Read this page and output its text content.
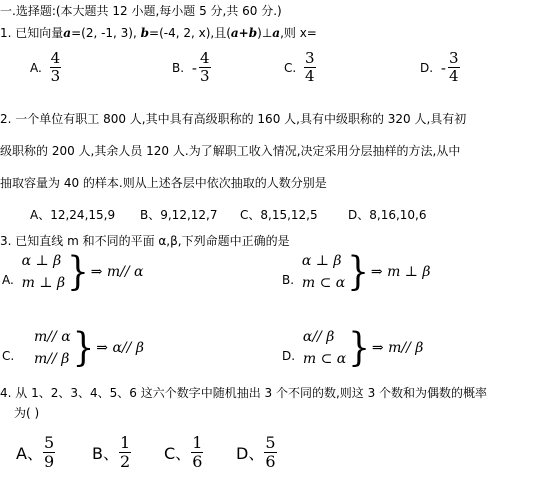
一.选择题:(本大题共 12 小题,每小题 5 分,共 60 分.)
1. 已知向量a=(2, -1, 3), b=(-4, 2, x),且(a+b)⊥a,则 x=
A. $\frac{4}{3}$	B. - $\frac{4}{3}$	C. $\frac{3}{4}$	D. - $\frac{3}{4}$
2. 一个单位有职工 800 人,其中具有高级职称的 160 人,具有中级职称的 320 人,具有初
级职称的 200 人,其余人员 120 人.为了解职工收入情况,决定采用分层抽样的方法,从中
抽取容量为 40 的样本.则从上述各层中依次抽取的人数分别是
A、12,24,15,9 B、9,12,12,7 C、8,15,12,5	D、8,16,10,6
3. 已知直线 m 和不同的平面 α,β,下列命题中正确的是
A.
α ⊥ β
m ⊥ β } ⇒ m// α	B.
α ⊥ β
m ⊂ α } ⇒ m ⊥ β
C.
m// α
m// β } ⇒ α// β	D.
α// β
m ⊂ α } ⇒ m// β
4. 从 1、2、3、4、5、6 这六个数字中随机抽出 3 个不同的数,则这 3 个数和为偶数的概率
为( )
A、 $\frac{5}{9}$ B、 $\frac{1}{2}$ C、 $\frac{1}{6}$ D、 $\frac{5}{6}$
